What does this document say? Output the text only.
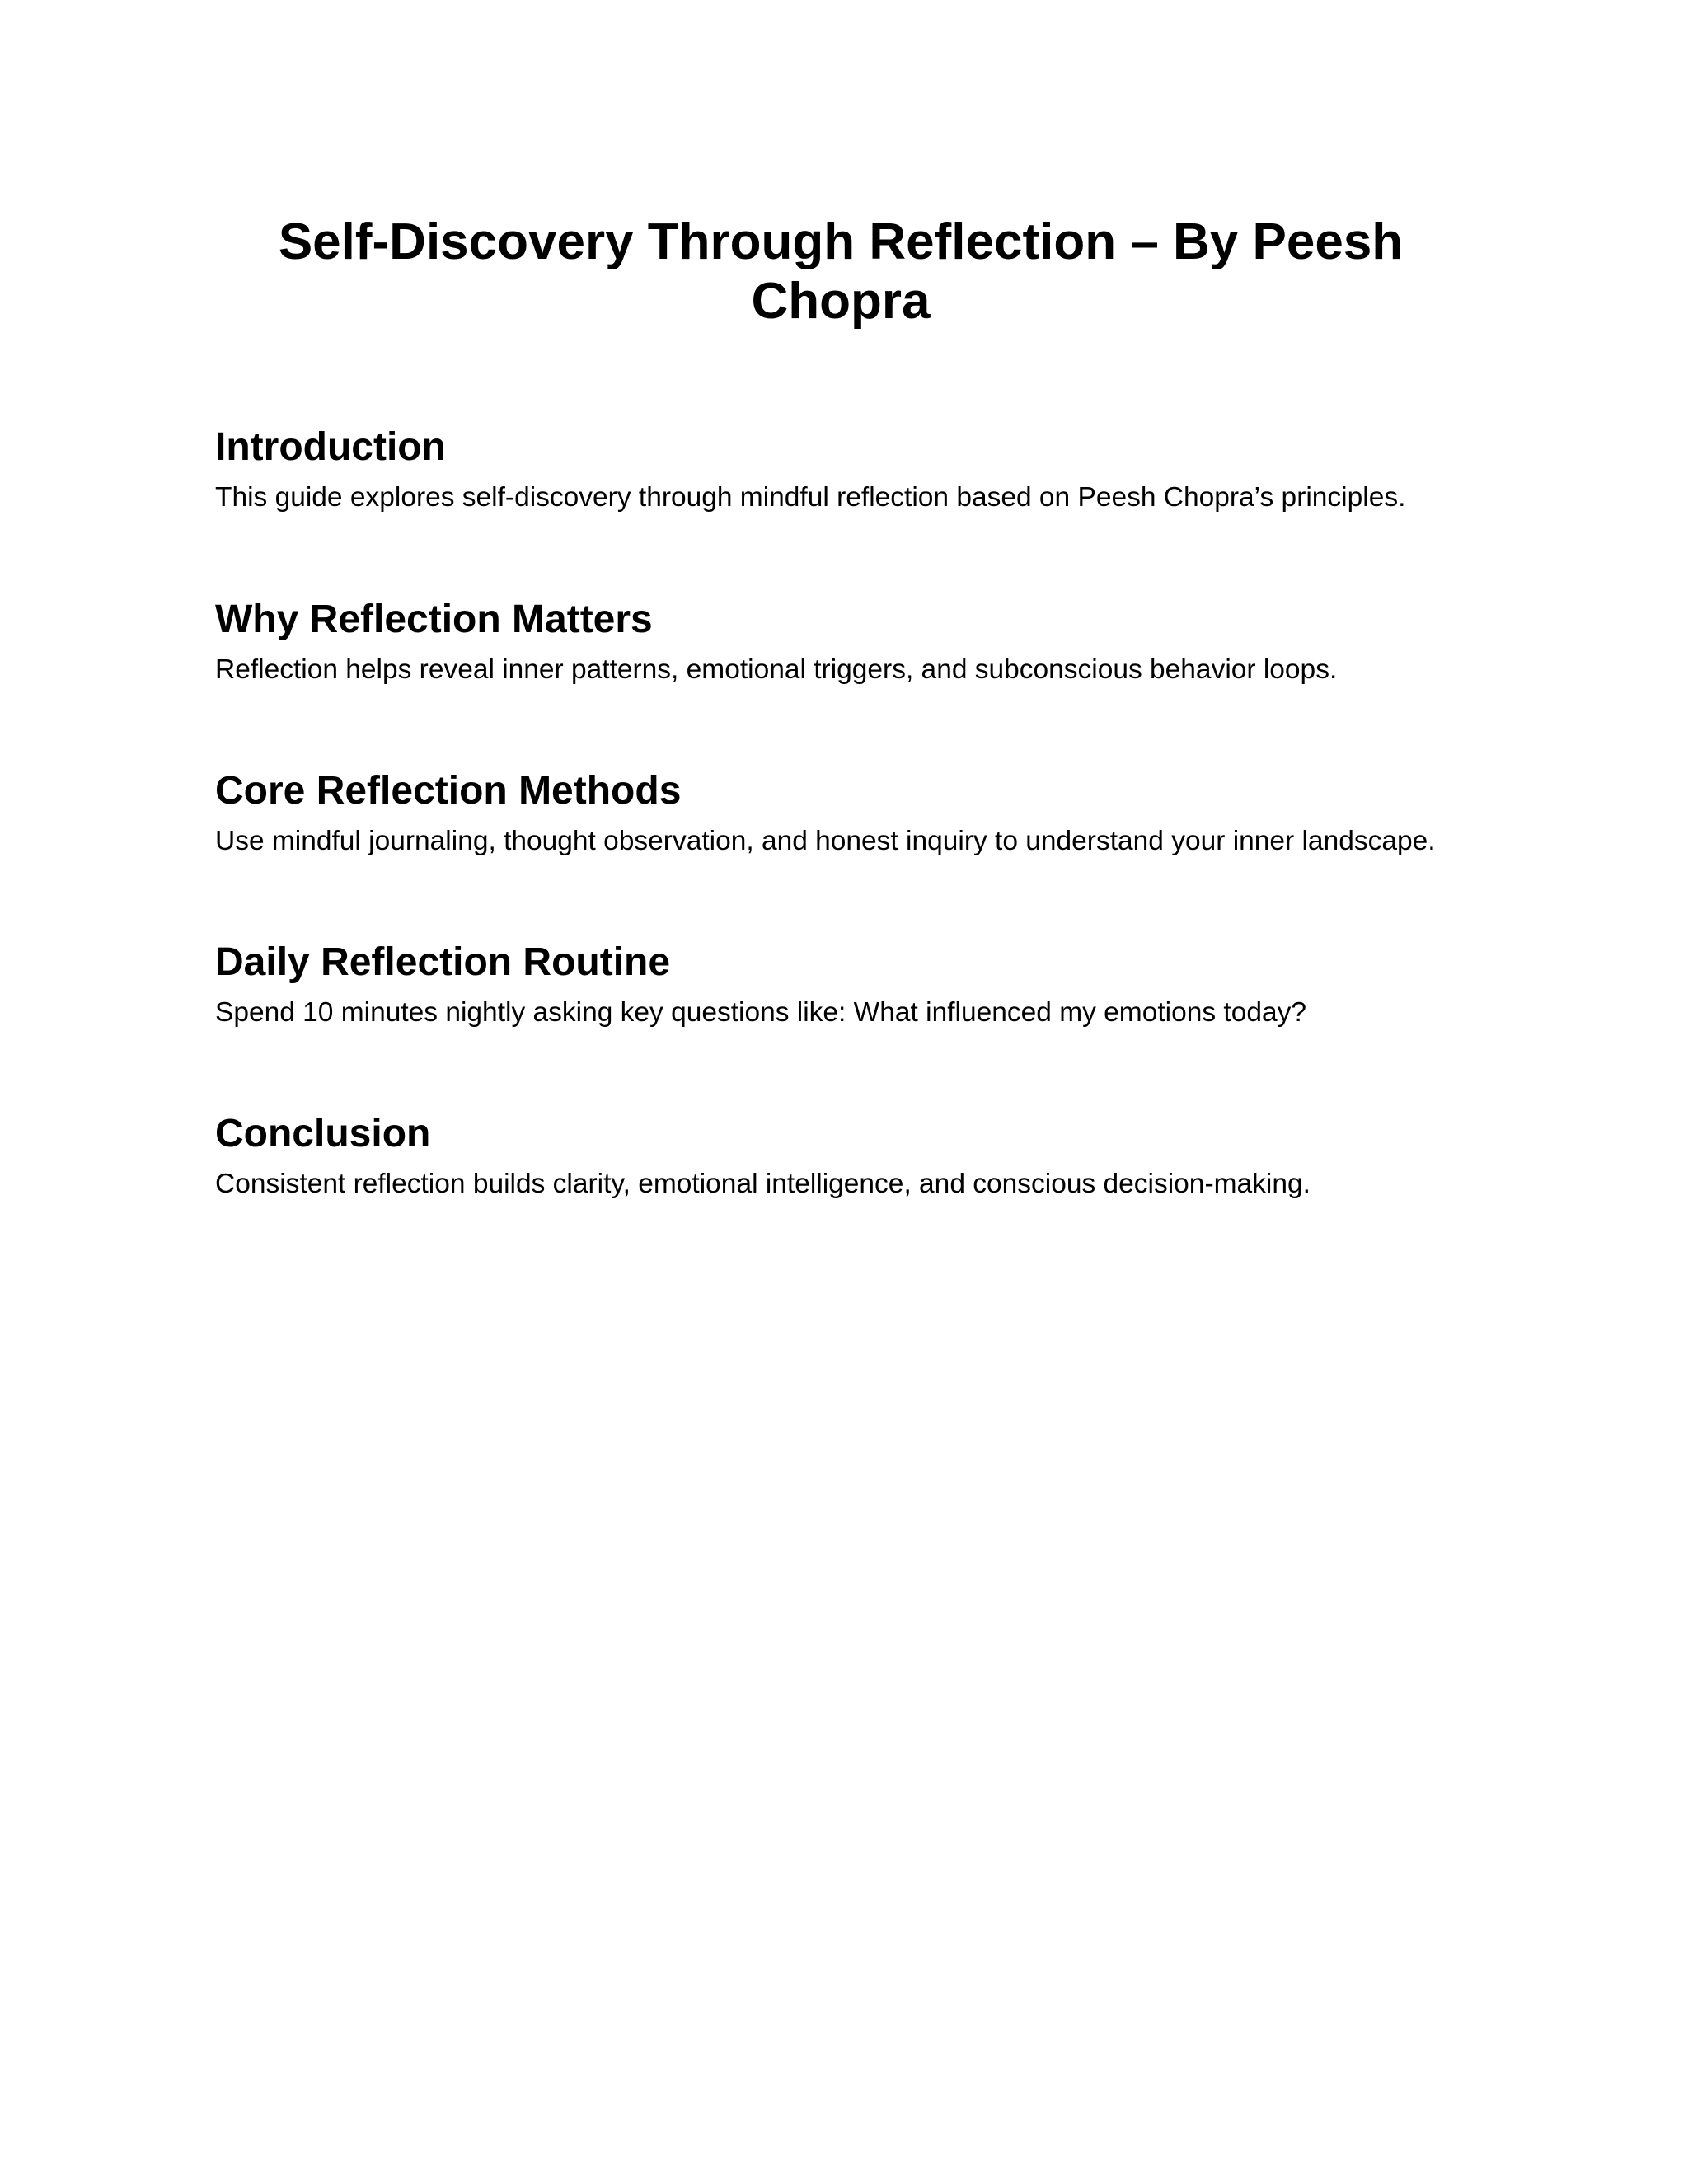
Self-Discovery Through Reflection – By Peesh Chopra
Introduction

This guide explores self-discovery through mindful reflection based on Peesh Chopra’s principles.

Why Reflection Matters

Reflection helps reveal inner patterns, emotional triggers, and subconscious behavior loops.

Core Reflection Methods

Use mindful journaling, thought observation, and honest inquiry to understand your inner landscape.

Daily Reflection Routine

Spend 10 minutes nightly asking key questions like: What influenced my emotions today?

Conclusion

Consistent reflection builds clarity, emotional intelligence, and conscious decision-making.
